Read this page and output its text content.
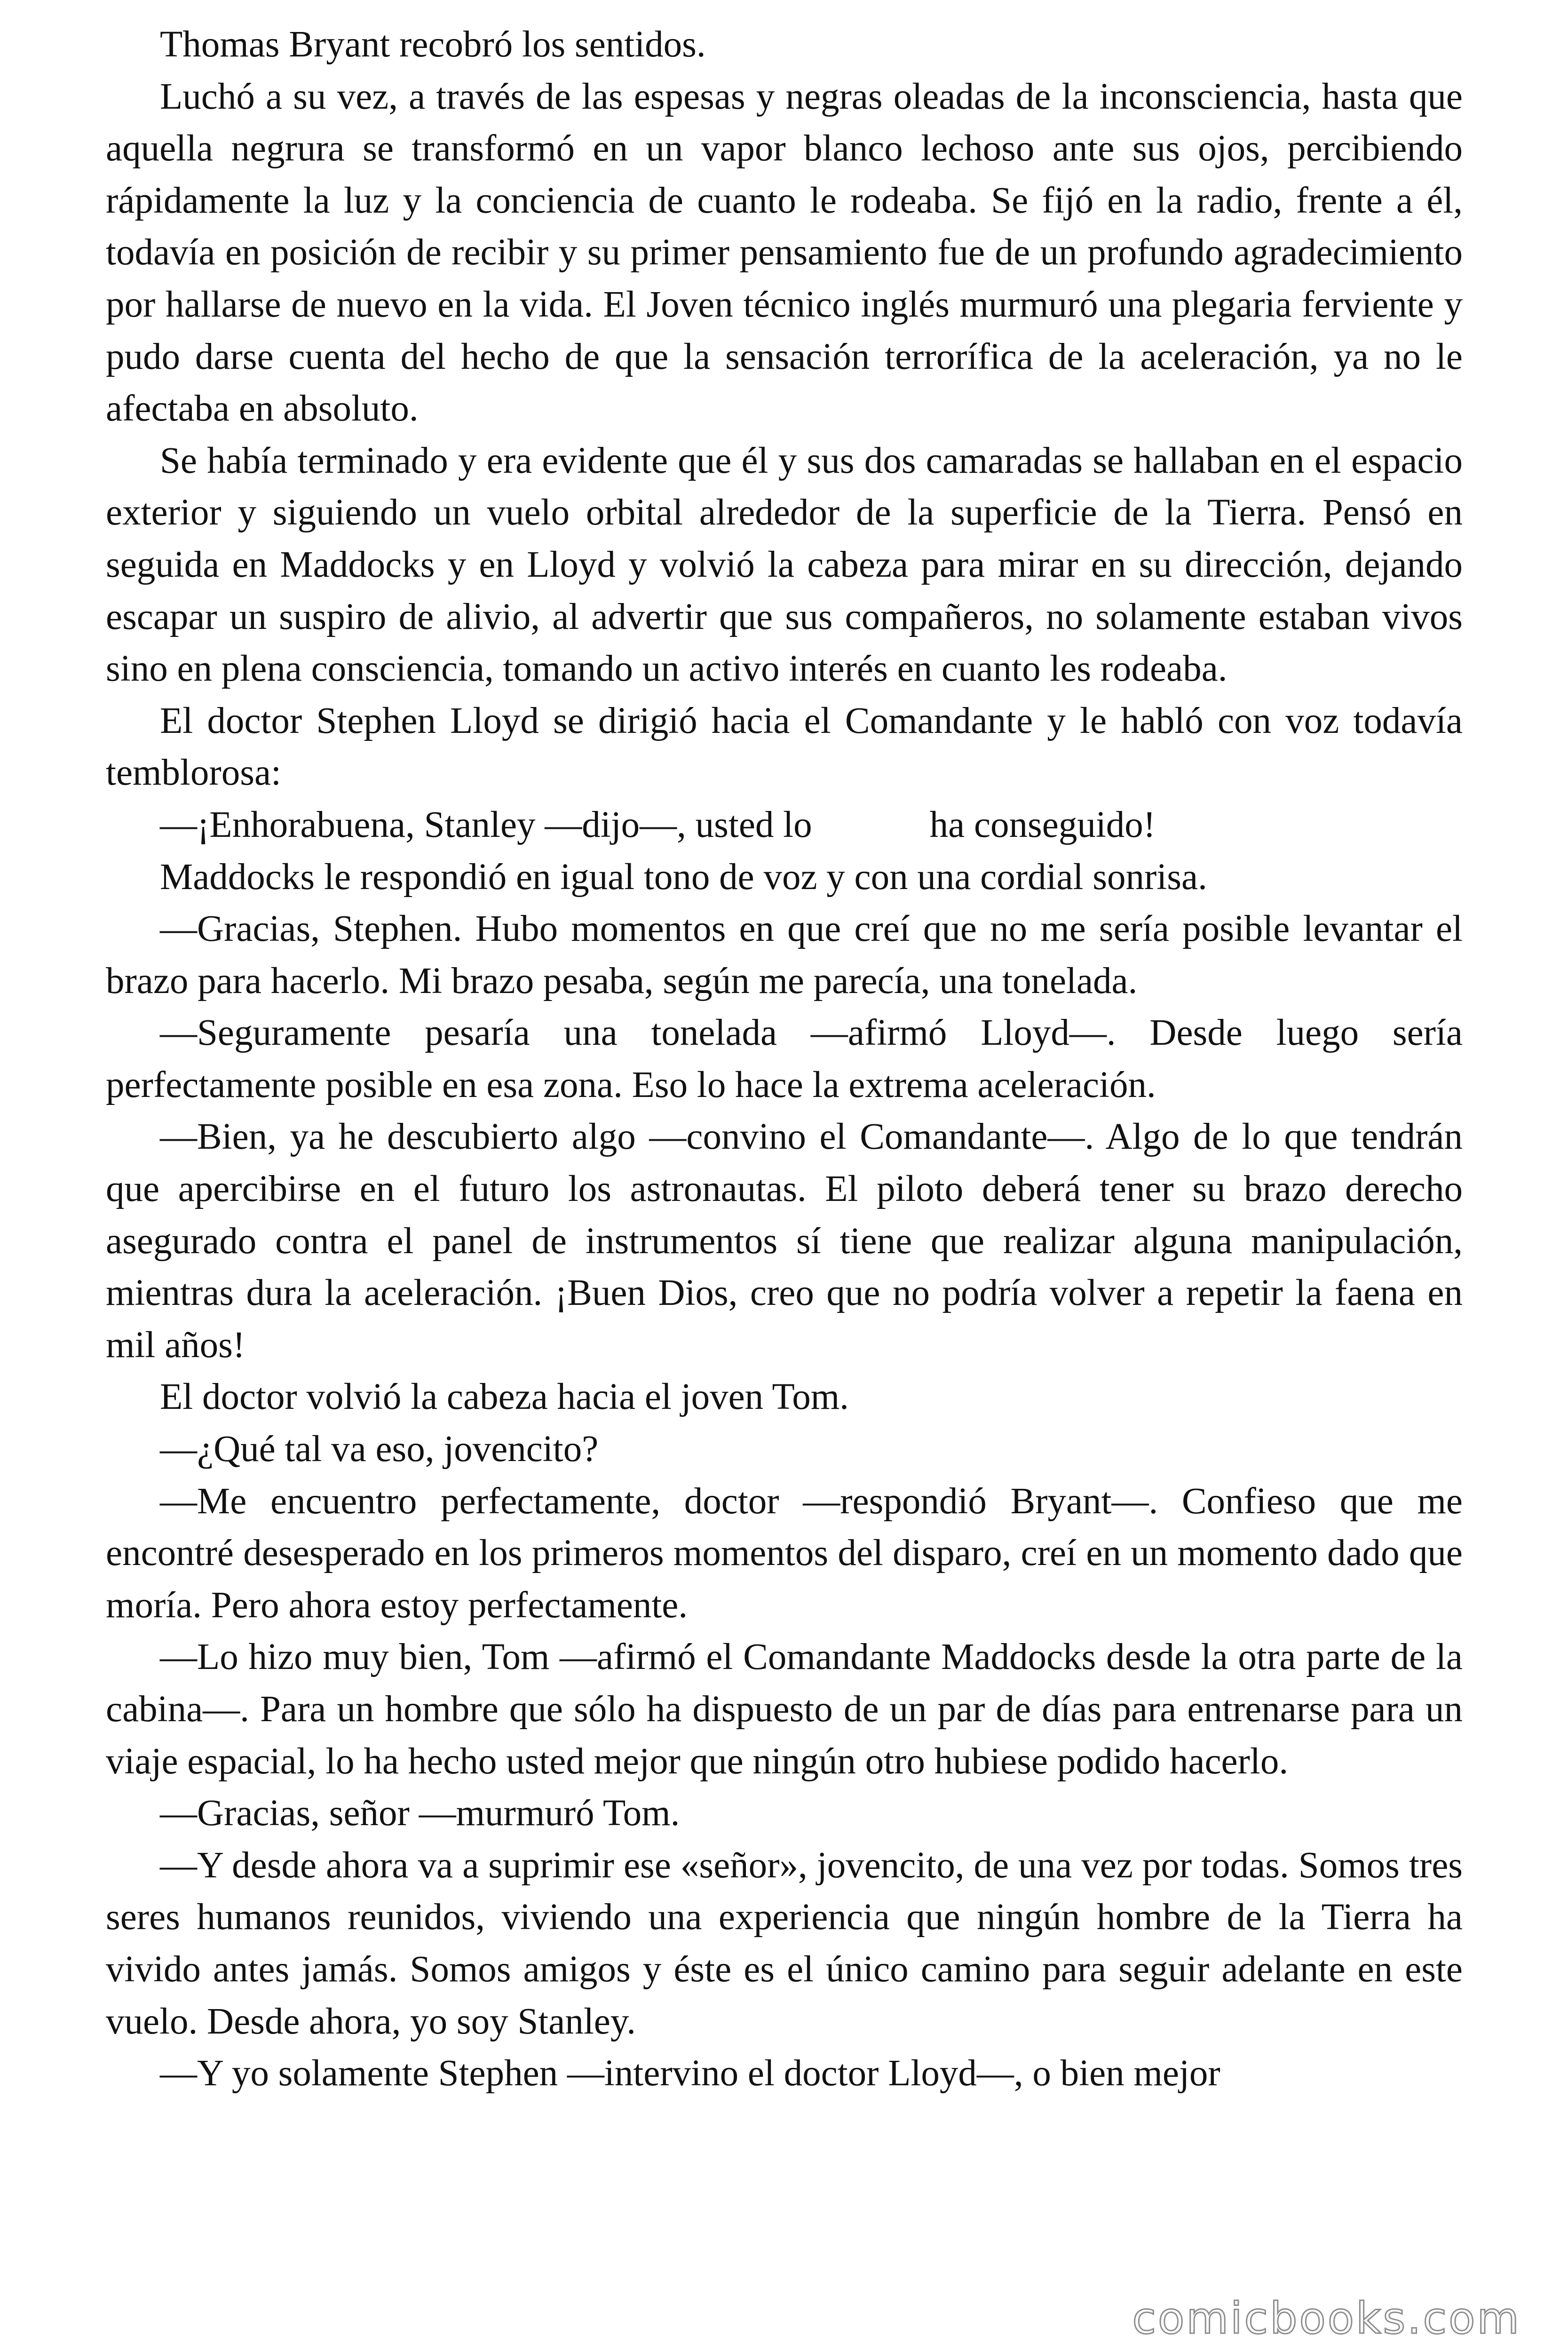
Thomas Bryant recobró los sentidos.

Luchó a su vez, a través de las espesas y negras oleadas de la inconsciencia, hasta que aquella negrura se transformó en un vapor blanco lechoso ante sus ojos, percibiendo rápidamente la luz y la conciencia de cuanto le rodeaba. Se fijó en la radio, frente a él, todavía en posición de recibir y su primer pensamiento fue de un profundo agradecimiento por hallarse de nuevo en la vida. El Joven técnico inglés murmuró una plegaria ferviente y pudo darse cuenta del hecho de que la sensación terrorífica de la aceleración, ya no le afectaba en absoluto.

Se había terminado y era evidente que él y sus dos camaradas se hallaban en el espacio exterior y siguiendo un vuelo orbital alrededor de la superficie de la Tierra. Pensó en seguida en Maddocks y en Lloyd y volvió la cabeza para mirar en su dirección, dejando escapar un suspiro de alivio, al advertir que sus compañeros, no solamente estaban vivos sino en plena consciencia, tomando un activo interés en cuanto les rodeaba.

El doctor Stephen Lloyd se dirigió hacia el Comandante y le habló con voz todavía temblorosa:

—¡Enhorabuena, Stanley —dijo—, usted lo	ha conseguido!

Maddocks le respondió en igual tono de voz y con una cordial sonrisa.

—Gracias, Stephen. Hubo momentos en que creí que no me sería posible levantar el brazo para hacerlo. Mi brazo pesaba, según me parecía, una tonelada.

—Seguramente pesaría una tonelada —afirmó Lloyd—. Desde luego sería perfectamente posible en esa zona. Eso lo hace la extrema aceleración.

—Bien, ya he descubierto algo —convino el Comandante—. Algo de lo que tendrán que apercibirse en el futuro los astronautas. El piloto deberá tener su brazo derecho asegurado contra el panel de instrumentos sí tiene que realizar alguna manipulación, mientras dura la aceleración. ¡Buen Dios, creo que no podría volver a repetir la faena en mil años!

El doctor volvió la cabeza hacia el joven Tom.

—¿Qué tal va eso, jovencito?

—Me encuentro perfectamente, doctor —respondió Bryant—. Confieso que me encontré desesperado en los primeros momentos del disparo, creí en un momento dado que moría. Pero ahora estoy perfectamente.

—Lo hizo muy bien, Tom —afirmó el Comandante Maddocks desde la otra parte de la cabina—. Para un hombre que sólo ha dispuesto de un par de días para entrenarse para un viaje espacial, lo ha hecho usted mejor que ningún otro hubiese podido hacerlo.

—Gracias, señor —murmuró Tom.

—Y desde ahora va a suprimir ese «señor», jovencito, de una vez por todas. Somos tres seres humanos reunidos, viviendo una experiencia que ningún hombre de la Tierra ha vivido antes jamás. Somos amigos y éste es el único camino para seguir adelante en este vuelo. Desde ahora, yo soy Stanley.

—Y yo solamente Stephen —intervino el doctor Lloyd—, o bien mejor

comicbooks.com
